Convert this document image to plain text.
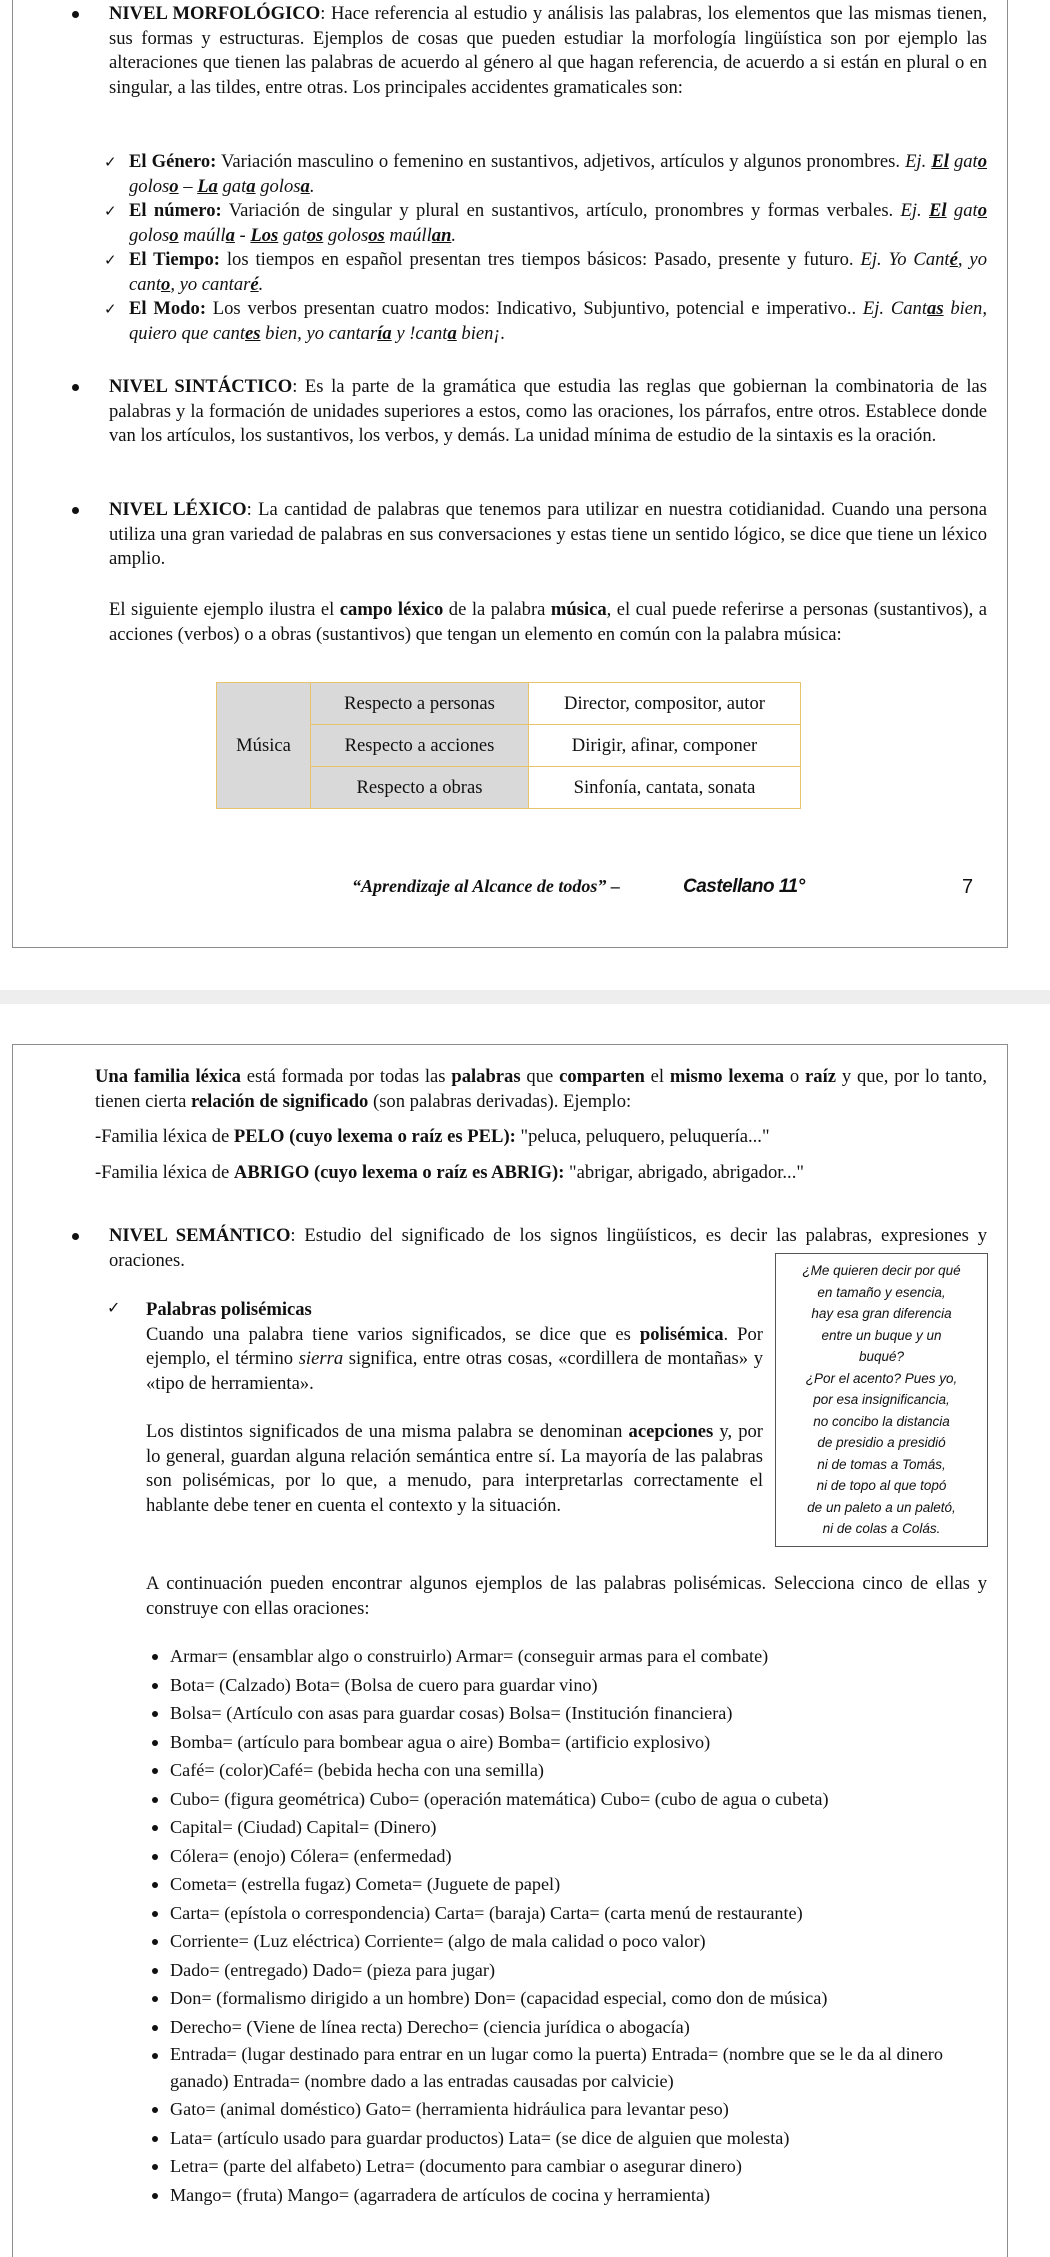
NIVEL MORFOLÓGICO: Hace referencia al estudio y análisis las palabras, los elementos que las mismas tienen, sus formas y estructuras. Ejemplos de cosas que pueden estudiar la morfología lingüística son por ejemplo las alteraciones que tienen las palabras de acuerdo al género al que hagan referencia, de acuerdo a si están en plural o en singular, a las tildes, entre otras. Los principales accidentes gramaticales son:

✓ El Género: Variación masculino o femenino en sustantivos, adjetivos, artículos y algunos pronombres. Ej. El gato goloso – La gata golosa.
✓ El número: Variación de singular y plural en sustantivos, artículo, pronombres y formas verbales. Ej. El gato goloso maúlla - Los gatos golosos maúllan.
✓ El Tiempo: los tiempos en español presentan tres tiempos básicos: Pasado, presente y futuro. Ej. Yo Canté, yo canto, yo cantaré.
✓ El Modo: Los verbos presentan cuatro modos: Indicativo, Subjuntivo, potencial e imperativo.. Ej. Cantas bien, quiero que cantes bien, yo cantaría y !canta bien¡.

NIVEL SINTÁCTICO: Es la parte de la gramática que estudia las reglas que gobiernan la combinatoria de las palabras y la formación de unidades superiores a estos, como las oraciones, los párrafos, entre otros. Establece donde van los artículos, los sustantivos, los verbos, y demás. La unidad mínima de estudio de la sintaxis es la oración.

NIVEL LÉXICO: La cantidad de palabras que tenemos para utilizar en nuestra cotidianidad. Cuando una persona utiliza una gran variedad de palabras en sus conversaciones y estas tiene un sentido lógico, se dice que tiene un léxico amplio.

El siguiente ejemplo ilustra el campo léxico de la palabra música, el cual puede referirse a personas (sustantivos), a acciones (verbos) o a obras (sustantivos) que tengan un elemento en común con la palabra música:

Música	Respecto a personas	Director, compositor, autor
	Respecto a acciones	Dirigir, afinar, componer
	Respecto a obras	Sinfonía, cantata, sonata
“Aprendizaje al Alcance de todos” –	Castellano 11°	7

Una familia léxica está formada por todas las palabras que comparten el mismo lexema o raíz y que, por lo tanto, tienen cierta relación de significado (son palabras derivadas). Ejemplo:

-Familia léxica de PELO (cuyo lexema o raíz es PEL): "peluca, peluquero, peluquería..."

-Familia léxica de ABRIGO (cuyo lexema o raíz es ABRIG): "abrigar, abrigado, abrigador..."

NIVEL SEMÁNTICO: Estudio del significado de los signos lingüísticos, es decir las palabras, expresiones y oraciones.	¿Me quieren decir por qué
en tamaño y esencia,
hay esa gran diferencia
entre un buque y un
buqué?
¿Por el acento? Pues yo,
por esa insignificancia,
no concibo la distancia
de presidio a presidió
ni de tomas a Tomás,
ni de topo al que topó
de un paleto a un paletó,
ni de colas a Colás.
✓ Palabras polisémicas

Cuando una palabra tiene varios significados, se dice que es polisémica. Por ejemplo, el término sierra significa, entre otras cosas, «cordillera de montañas» y «tipo de herramienta».

Los distintos significados de una misma palabra se denominan acepciones y, por lo general, guardan alguna relación semántica entre sí. La mayoría de las palabras son polisémicas, por lo que, a menudo, para interpretarlas correctamente el hablante debe tener en cuenta el contexto y la situación.

A continuación pueden encontrar algunos ejemplos de las palabras polisémicas. Selecciona cinco de ellas y construye con ellas oraciones:

Armar= (ensamblar algo o construirlo) Armar= (conseguir armas para el combate)
Bota= (Calzado) Bota= (Bolsa de cuero para guardar vino)
Bolsa= (Artículo con asas para guardar cosas) Bolsa= (Institución financiera)
Bomba= (artículo para bombear agua o aire) Bomba= (artificio explosivo)
Café= (color)Café= (bebida hecha con una semilla)
Cubo= (figura geométrica) Cubo= (operación matemática) Cubo= (cubo de agua o cubeta)
Capital= (Ciudad) Capital= (Dinero)
Cólera= (enojo) Cólera= (enfermedad)
Cometa= (estrella fugaz) Cometa= (Juguete de papel)
Carta= (epístola o correspondencia) Carta= (baraja) Carta= (carta menú de restaurante)
Corriente= (Luz eléctrica) Corriente= (algo de mala calidad o poco valor)
Dado= (entregado) Dado= (pieza para jugar)
Don= (formalismo dirigido a un hombre) Don= (capacidad especial, como don de música)
Derecho= (Viene de línea recta) Derecho= (ciencia jurídica o abogacía)
Entrada= (lugar destinado para entrar en un lugar como la puerta) Entrada= (nombre que se le da al dinero ganado) Entrada= (nombre dado a las entradas causadas por calvicie)
Gato= (animal doméstico) Gato= (herramienta hidráulica para levantar peso)
Lata= (artículo usado para guardar productos) Lata= (se dice de alguien que molesta)
Letra= (parte del alfabeto) Letra= (documento para cambiar o asegurar dinero)
Mango= (fruta) Mango= (agarradera de artículos de cocina y herramienta)
